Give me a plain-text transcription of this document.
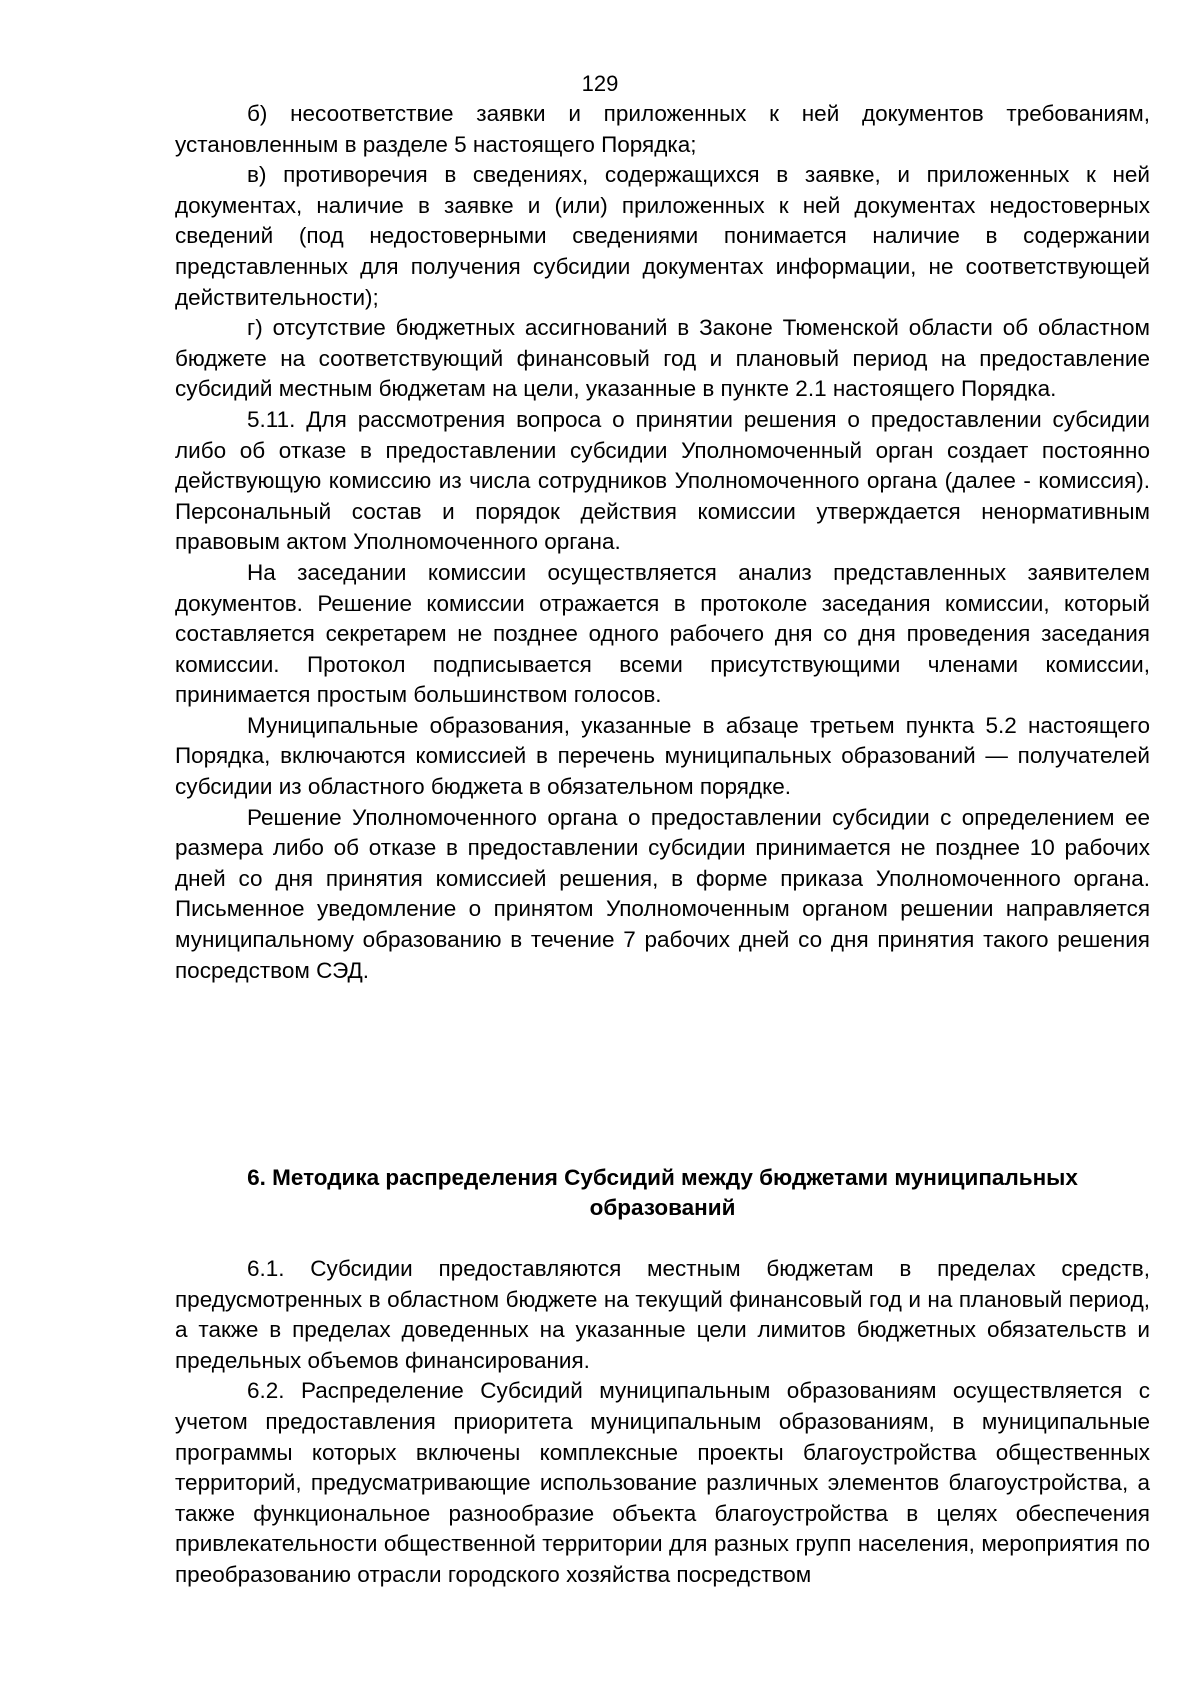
129

б) несоответствие заявки и приложенных к ней документов требованиям, установленным в разделе 5 настоящего Порядка;

в) противоречия в сведениях, содержащихся в заявке, и приложенных к ней документах, наличие в заявке и (или) приложенных к ней документах недостоверных сведений (под недостоверными сведениями понимается наличие в содержании представленных для получения субсидии документах информации, не соответствующей действительности);

г) отсутствие бюджетных ассигнований в Законе Тюменской области об областном бюджете на соответствующий финансовый год и плановый период на предоставление субсидий местным бюджетам на цели, указанные в пункте 2.1 настоящего Порядка.

5.11. Для рассмотрения вопроса о принятии решения о предоставлении субсидии либо об отказе в предоставлении субсидии Уполномоченный орган создает постоянно действующую комиссию из числа сотрудников Уполномоченного органа (далее - комиссия). Персональный состав и порядок действия комиссии утверждается ненормативным правовым актом Уполномоченного органа.

На заседании комиссии осуществляется анализ представленных заявителем документов. Решение комиссии отражается в протоколе заседания комиссии, который составляется секретарем не позднее одного рабочего дня со дня проведения заседания комиссии. Протокол подписывается всеми присутствующими членами комиссии, принимается простым большинством голосов.

Муниципальные образования, указанные в абзаце третьем пункта 5.2 настоящего Порядка, включаются комиссией в перечень муниципальных образований — получателей субсидии из областного бюджета в обязательном порядке.

Решение Уполномоченного органа о предоставлении субсидии с определением ее размера либо об отказе в предоставлении субсидии принимается не позднее 10 рабочих дней со дня принятия комиссией решения, в форме приказа Уполномоченного органа. Письменное уведомление о принятом Уполномоченным органом решении направляется муниципальному образованию в течение 7 рабочих дней со дня принятия такого решения посредством СЭД.

6. Методика распределения Субсидий между бюджетами муниципальных образований

6.1. Субсидии предоставляются местным бюджетам в пределах средств, предусмотренных в областном бюджете на текущий финансовый год и на плановый период, а также в пределах доведенных на указанные цели лимитов бюджетных обязательств и предельных объемов финансирования.

6.2. Распределение Субсидий муниципальным образованиям осуществляется с учетом предоставления приоритета муниципальным образованиям, в муниципальные программы которых включены комплексные проекты благоустройства общественных территорий, предусматривающие использование различных элементов благоустройства, а также функциональное разнообразие объекта благоустройства в целях обеспечения привлекательности общественной территории для разных групп населения, мероприятия по преобразованию отрасли городского хозяйства посредством
